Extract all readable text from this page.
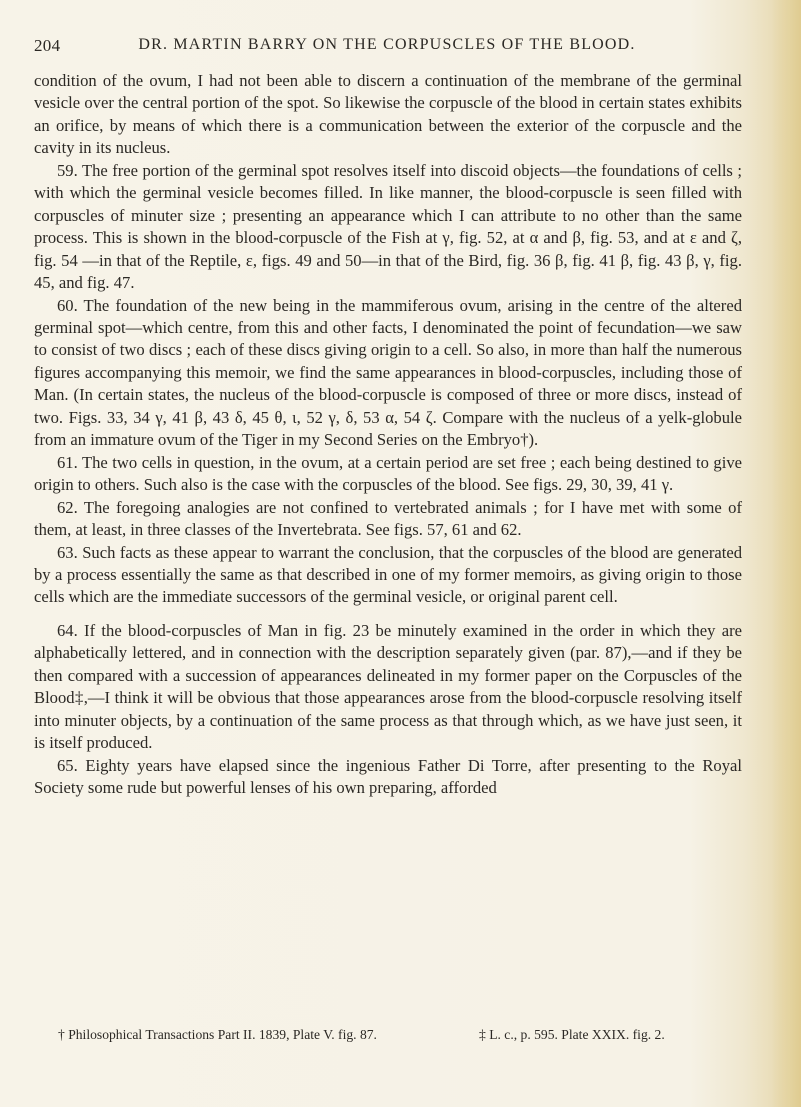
204	DR. MARTIN BARRY ON THE CORPUSCLES OF THE BLOOD.

condition of the ovum, I had not been able to discern a continuation of the membrane of the germinal vesicle over the central portion of the spot. So likewise the corpuscle of the blood in certain states exhibits an orifice, by means of which there is a communication between the exterior of the corpuscle and the cavity in its nucleus.

59. The free portion of the germinal spot resolves itself into discoid objects—the foundations of cells ; with which the germinal vesicle becomes filled. In like manner, the blood-corpuscle is seen filled with corpuscles of minuter size ; presenting an appearance which I can attribute to no other than the same process. This is shown in the blood-corpuscle of the Fish at γ, fig. 52, at α and β, fig. 53, and at ε and ζ, fig. 54 —in that of the Reptile, ε, figs. 49 and 50—in that of the Bird, fig. 36 β, fig. 41 β, fig. 43 β, γ, fig. 45, and fig. 47.

60. The foundation of the new being in the mammiferous ovum, arising in the centre of the altered germinal spot—which centre, from this and other facts, I denominated the point of fecundation—we saw to consist of two discs ; each of these discs giving origin to a cell. So also, in more than half the numerous figures accompanying this memoir, we find the same appearances in blood-corpuscles, including those of Man. (In certain states, the nucleus of the blood-corpuscle is composed of three or more discs, instead of two. Figs. 33, 34 γ, 41 β, 43 δ, 45 θ, ι, 52 γ, δ, 53 α, 54 ζ. Compare with the nucleus of a yelk-globule from an immature ovum of the Tiger in my Second Series on the Embryo†).

61. The two cells in question, in the ovum, at a certain period are set free ; each being destined to give origin to others. Such also is the case with the corpuscles of the blood. See figs. 29, 30, 39, 41 γ.

62. The foregoing analogies are not confined to vertebrated animals ; for I have met with some of them, at least, in three classes of the Invertebrata. See figs. 57, 61 and 62.

63. Such facts as these appear to warrant the conclusion, that the corpuscles of the blood are generated by a process essentially the same as that described in one of my former memoirs, as giving origin to those cells which are the immediate successors of the germinal vesicle, or original parent cell.

64. If the blood-corpuscles of Man in fig. 23 be minutely examined in the order in which they are alphabetically lettered, and in connection with the description separately given (par. 87),—and if they be then compared with a succession of appearances delineated in my former paper on the Corpuscles of the Blood‡,—I think it will be obvious that those appearances arose from the blood-corpuscle resolving itself into minuter objects, by a continuation of the same process as that through which, as we have just seen, it is itself produced.

65. Eighty years have elapsed since the ingenious Father Di Torre, after presenting to the Royal Society some rude but powerful lenses of his own preparing, afforded

† Philosophical Transactions Part II. 1839, Plate V. fig. 87.	‡ L. c., p. 595. Plate XXIX. fig. 2.
